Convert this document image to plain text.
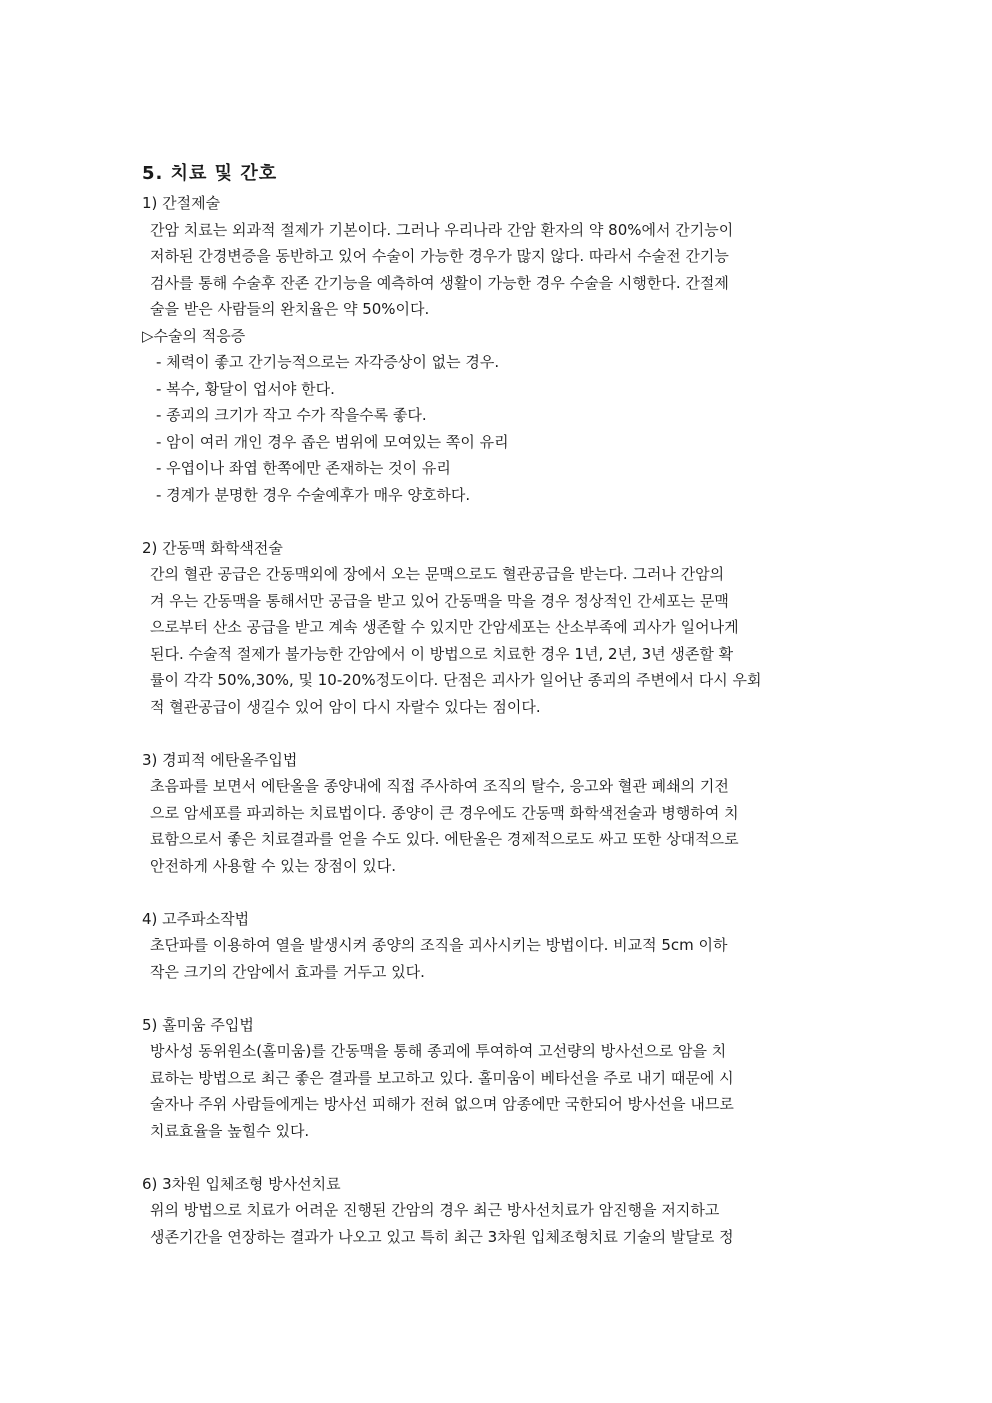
5. 치료 및 간호
1) 간절제술
간암 치료는 외과적 절제가 기본이다. 그러나 우리나라 간암 환자의 약 80%에서 간기능이
저하된 간경변증을 동반하고 있어 수술이 가능한 경우가 많지 않다. 따라서 수술전 간기능
검사를 통해 수술후 잔존 간기능을 예측하여 생활이 가능한 경우 수술을 시행한다. 간절제
술을 받은 사람들의 완치율은 약 50%이다.
▷수술의 적응증
- 체력이 좋고 간기능적으로는 자각증상이 없는 경우.
- 복수, 황달이 업서야 한다.
- 종괴의 크기가 작고 수가 작을수록 좋다.
- 암이 여러 개인 경우 좁은 범위에 모여있는 쪽이 유리
- 우엽이나 좌엽 한쪽에만 존재하는 것이 유리
- 경계가 분명한 경우 수술예후가 매우 양호하다.
2) 간동맥 화학색전술
간의 혈관 공급은 간동맥외에 장에서 오는 문맥으로도 혈관공급을 받는다. 그러나 간암의
겨 우는 간동맥을 통해서만 공급을 받고 있어 간동맥을 막을 경우 정상적인 간세포는 문맥
으로부터 산소 공급을 받고 계속 생존할 수 있지만 간암세포는 산소부족에 괴사가 일어나게
된다. 수술적 절제가 불가능한 간암에서 이 방법으로 치료한 경우 1년, 2년, 3년 생존할 확
률이 각각 50%,30%, 및 10-20%정도이다. 단점은 괴사가 일어난 종괴의 주변에서 다시 우회
적 혈관공급이 생길수 있어 암이 다시 자랄수 있다는 점이다.
3) 경피적 에탄올주입법
초음파를 보면서 에탄올을 종양내에 직접 주사하여 조직의 탈수, 응고와 혈관 폐쇄의 기전
으로 암세포를 파괴하는 치료법이다. 종양이 큰 경우에도 간동맥 화학색전술과 병행하여 치
료함으로서 좋은 치료결과를 얻을 수도 있다. 에탄올은 경제적으로도 싸고 또한 상대적으로
안전하게 사용할 수 있는 장점이 있다.
4) 고주파소작법
초단파를 이용하여 열을 발생시켜 종양의 조직을 괴사시키는 방법이다. 비교적 5cm 이하
작은 크기의 간암에서 효과를 거두고 있다.
5) 홀미움 주입법
방사성 동위원소(홀미움)를 간동맥을 통해 종괴에 투여하여 고선량의 방사선으로 암을 치
료하는 방법으로 최근 좋은 결과를 보고하고 있다. 홀미움이 베타선을 주로 내기 때문에 시
술자나 주위 사람들에게는 방사선 피해가 전혀 없으며 암종에만 국한되어 방사선을 내므로
치료효율을 높힐수 있다.
6) 3차원 입체조형 방사선치료
위의 방법으로 치료가 어려운 진행된 간암의 경우 최근 방사선치료가 암진행을 저지하고
생존기간을 연장하는 결과가 나오고 있고 특히 최근 3차원 입체조형치료 기술의 발달로 정
